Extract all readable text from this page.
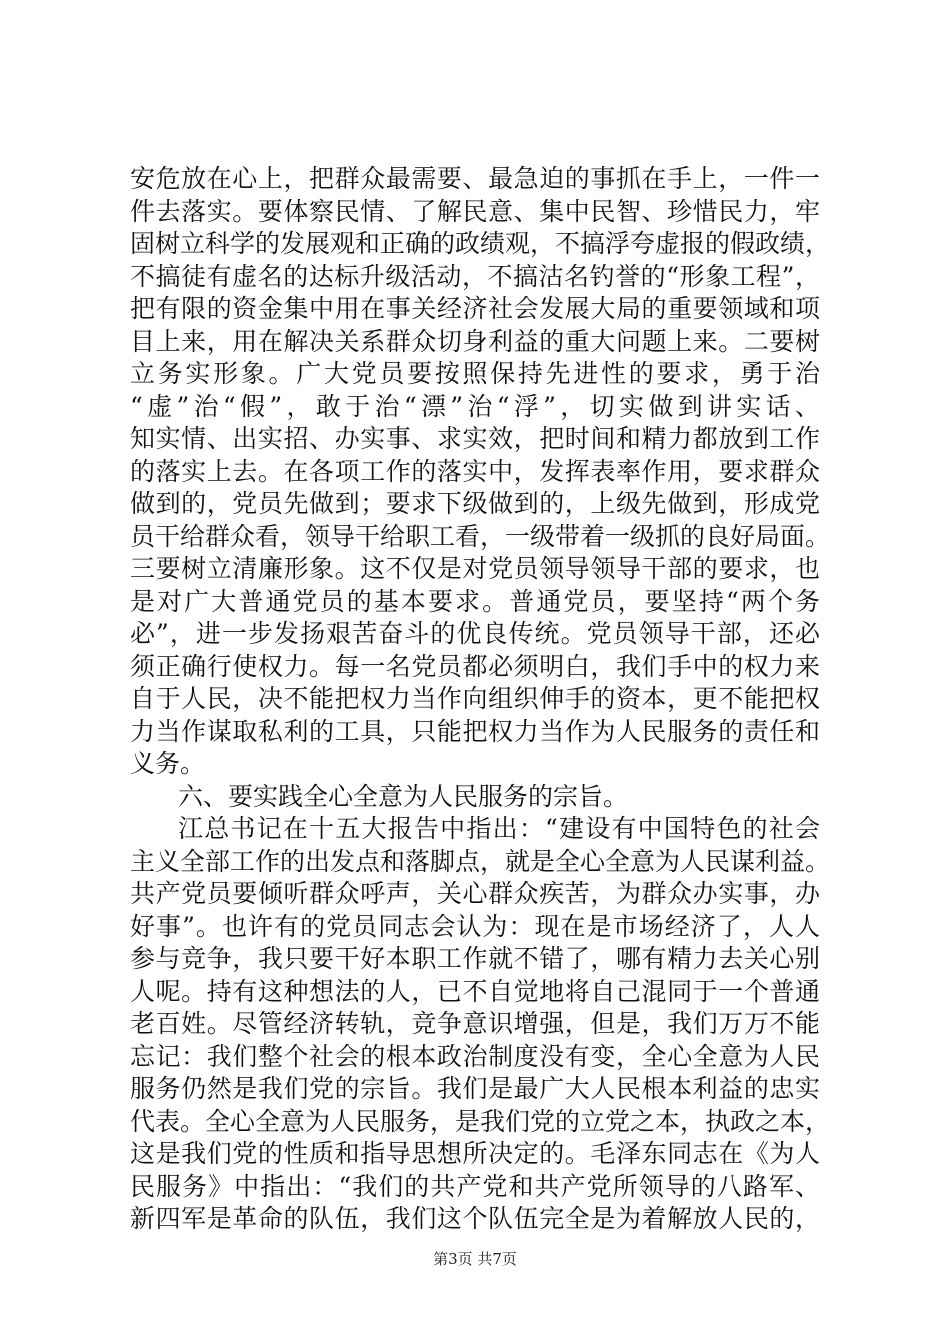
安危放在心上，把群众最需要、最急迫的事抓在手上，一件一
件去落实。要体察民情、了解民意、集中民智、珍惜民力，牢
固树立科学的发展观和正确的政绩观，不搞浮夸虚报的假政绩，
不搞徒有虚名的达标升级活动，不搞沽名钓誉的“形象工程”，
把有限的资金集中用在事关经济社会发展大局的重要领域和项
目上来，用在解决关系群众切身利益的重大问题上来。二要树
立务实形象。广大党员要按照保持先进性的要求，勇于治
“虚”治“假”，敢于治“漂”治“浮”，切实做到讲实话、
知实情、出实招、办实事、求实效，把时间和精力都放到工作
的落实上去。在各项工作的落实中，发挥表率作用，要求群众
做到的，党员先做到；要求下级做到的，上级先做到，形成党
员干给群众看，领导干给职工看，一级带着一级抓的良好局面。
三要树立清廉形象。这不仅是对党员领导领导干部的要求，也
是对广大普通党员的基本要求。普通党员，要坚持“两个务
必”，进一步发扬艰苦奋斗的优良传统。党员领导干部，还必
须正确行使权力。每一名党员都必须明白，我们手中的权力来
自于人民，决不能把权力当作向组织伸手的资本，更不能把权
力当作谋取私利的工具，只能把权力当作为人民服务的责任和
义务。
六、要实践全心全意为人民服务的宗旨。
江总书记在十五大报告中指出：“建设有中国特色的社会
主义全部工作的出发点和落脚点，就是全心全意为人民谋利益。
共产党员要倾听群众呼声，关心群众疾苦，为群众办实事，办
好事”。也许有的党员同志会认为：现在是市场经济了，人人
参与竞争，我只要干好本职工作就不错了，哪有精力去关心别
人呢。持有这种想法的人，已不自觉地将自己混同于一个普通
老百姓。尽管经济转轨，竞争意识增强，但是，我们万万不能
忘记：我们整个社会的根本政治制度没有变，全心全意为人民
服务仍然是我们党的宗旨。我们是最广大人民根本利益的忠实
代表。全心全意为人民服务，是我们党的立党之本，执政之本，
这是我们党的性质和指导思想所决定的。毛泽东同志在《为人
民服务》中指出：“我们的共产党和共产党所领导的八路军、
新四军是革命的队伍，我们这个队伍完全是为着解放人民的，
第3页 共7页
